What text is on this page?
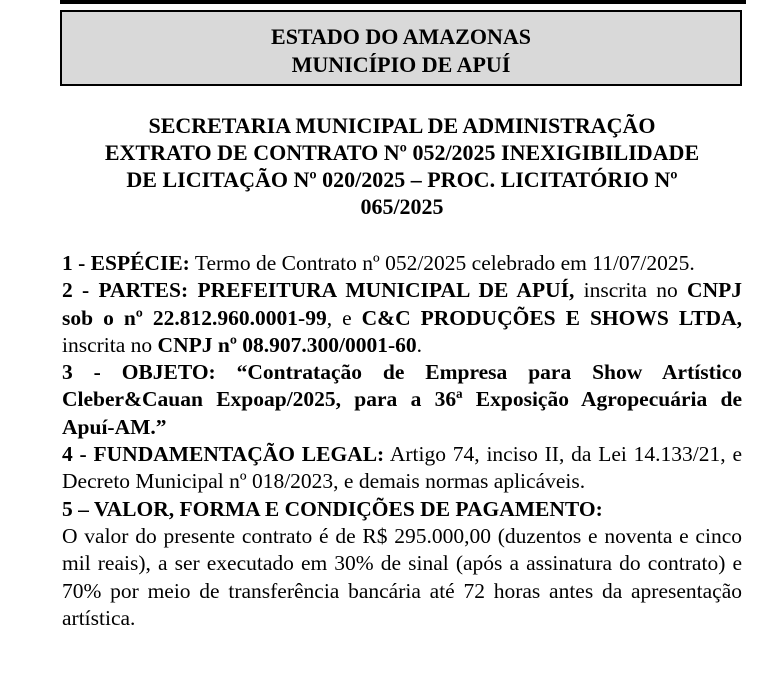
ESTADO DO AMAZONAS
MUNICÍPIO DE APUÍ
SECRETARIA MUNICIPAL DE ADMINISTRAÇÃO
EXTRATO DE CONTRATO Nº 052/2025 INEXIGIBILIDADE
DE LICITAÇÃO Nº 020/2025 – PROC. LICITATÓRIO Nº
065/2025

1 - ESPÉCIE: Termo de Contrato nº 052/2025 celebrado em 11/07/2025.

2 - PARTES: PREFEITURA MUNICIPAL DE APUÍ, inscrita no CNPJ sob o nº 22.812.960.0001-99, e C&C PRODUÇÕES E SHOWS LTDA, inscrita no CNPJ nº 08.907.300/0001-60.

3 - OBJETO: “Contratação de Empresa para Show Artístico Cleber&Cauan Expoap/2025, para a 36ª Exposição Agropecuária de Apuí-AM.”

4 - FUNDAMENTAÇÃO LEGAL: Artigo 74, inciso II, da Lei 14.133/21, e Decreto Municipal nº 018/2023, e demais normas aplicáveis.

5 – VALOR, FORMA E CONDIÇÕES DE PAGAMENTO:

O valor do presente contrato é de R$ 295.000,00 (duzentos e noventa e cinco mil reais), a ser executado em 30% de sinal (após a assinatura do contrato) e 70% por meio de transferência bancária até 72 horas antes da apresentação artística.
